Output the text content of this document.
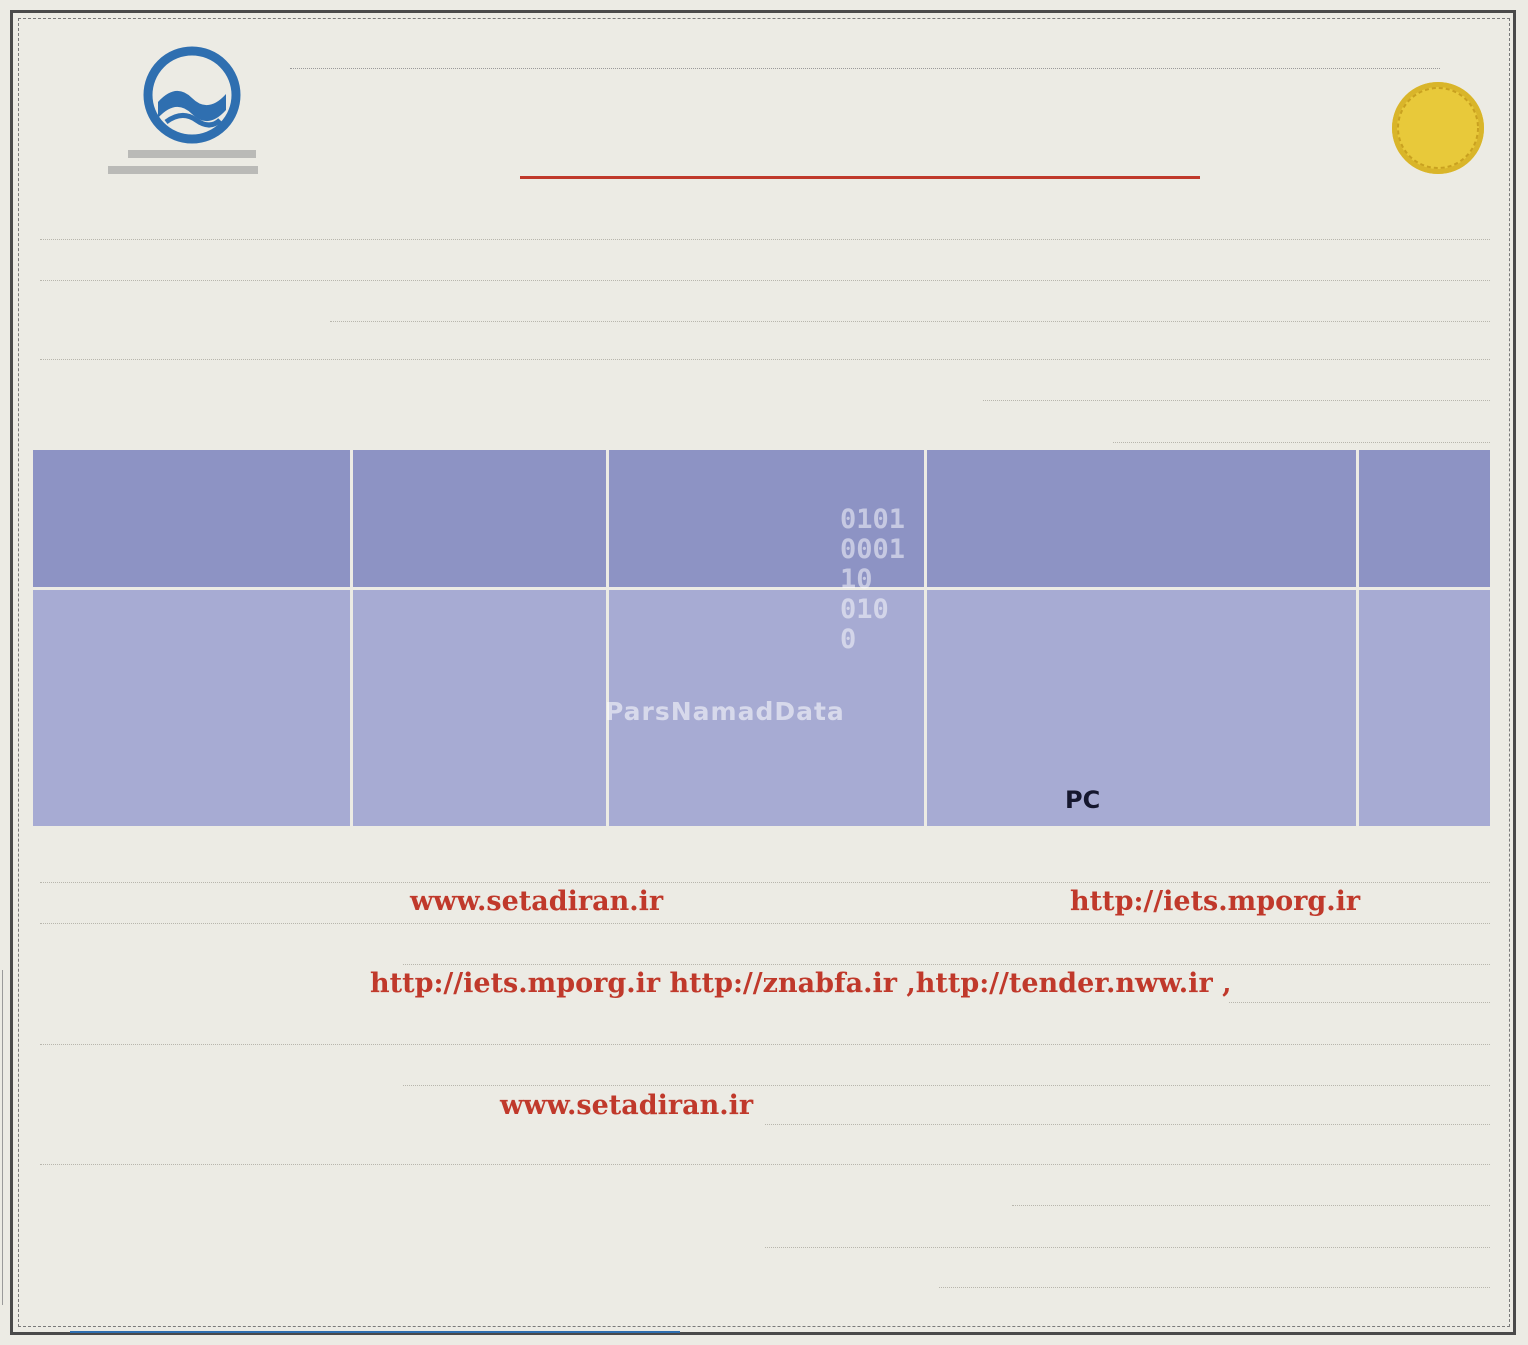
0101
0001
10
010
0
ParsNamadData
PC
http://iets.mporg.ir
www.setadiran.ir
http://iets.mporg.ir http://znabfa.ir ,http://tender.nww.ir ,
www.setadiran.ir
